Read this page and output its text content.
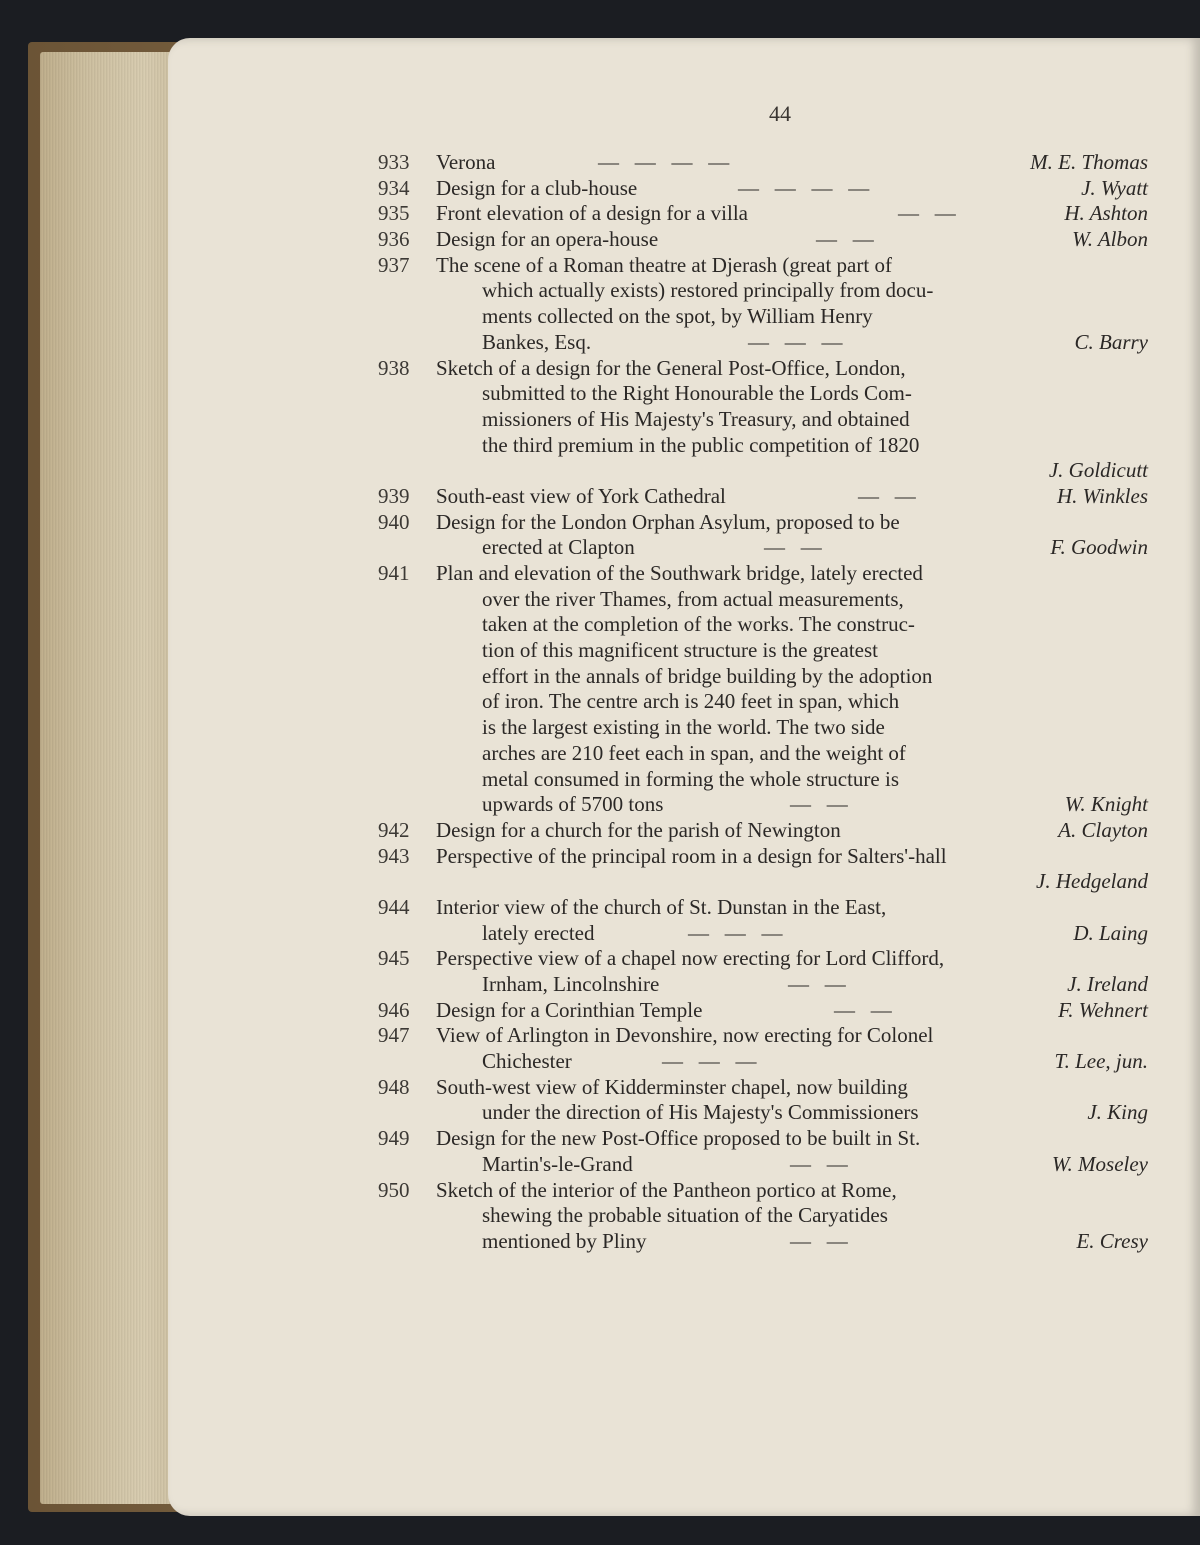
44
933	Verona	—   —   —   —	M. E. Thomas
934	Design for a club-house	—   —   —   —	J. Wyatt
935	Front elevation of a design for a villa	—   —	H. Ashton
936	Design for an opera-house	—   —	W. Albon
937	The scene of a Roman theatre at Djerash (great part of
which actually exists) restored principally from docu-
ments collected on the spot, by William Henry
Bankes, Esq.	—   —   —	C. Barry
938	Sketch of a design for the General Post-Office, London,
submitted to the Right Honourable the Lords Com-
missioners of His Majesty's Treasury, and obtained
the third premium in the public competition of 1820
J. Goldicutt
939	South-east view of York Cathedral	—   —	H. Winkles
940	Design for the London Orphan Asylum, proposed to be
erected at Clapton	—   —	F. Goodwin
941	Plan and elevation of the Southwark bridge, lately erected
over the river Thames, from actual measurements,
taken at the completion of the works. The construc-
tion of this magnificent structure is the greatest
effort in the annals of bridge building by the adoption
of iron. The centre arch is 240 feet in span, which
is the largest existing in the world. The two side
arches are 210 feet each in span, and the weight of
metal consumed in forming the whole structure is
upwards of 5700 tons	—   —	W. Knight
942	Design for a church for the parish of Newington	A. Clayton
943	Perspective of the principal room in a design for Salters'-hall
J. Hedgeland
944	Interior view of the church of St. Dunstan in the East,
lately erected	—   —   —	D. Laing
945	Perspective view of a chapel now erecting for Lord Clifford,
Irnham, Lincolnshire	—   —	J. Ireland
946	Design for a Corinthian Temple	—   —	F. Wehnert
947	View of Arlington in Devonshire, now erecting for Colonel
Chichester	—   —   —	T. Lee, jun.
948	South-west view of Kidderminster chapel, now building
under the direction of His Majesty's Commissioners	J. King
949	Design for the new Post-Office proposed to be built in St.
Martin's-le-Grand	—   —	W. Moseley
950	Sketch of the interior of the Pantheon portico at Rome,
shewing the probable situation of the Caryatides
mentioned by Pliny	—   —	E. Cresy
